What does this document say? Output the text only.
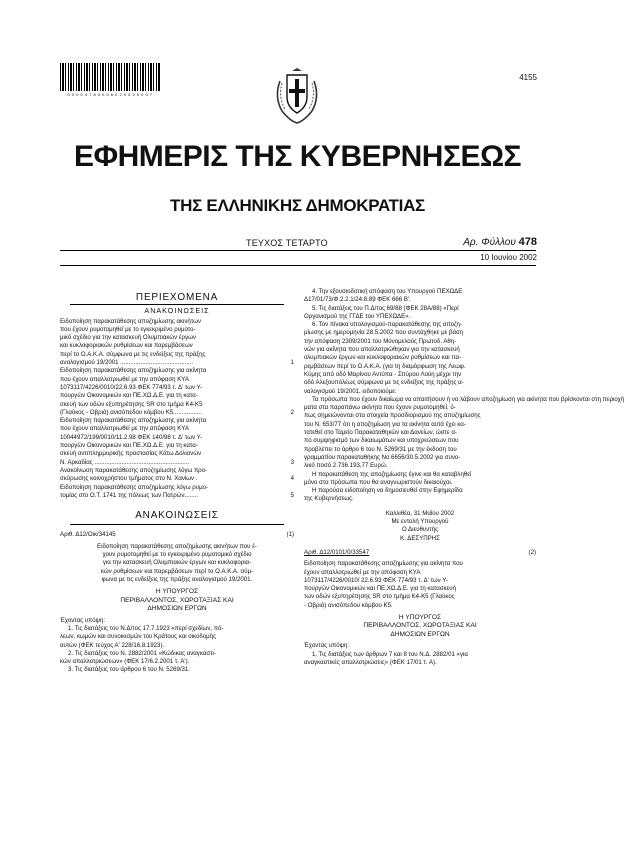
0 0 0 0 4 7 8 0 0 0 6 0 2 0 0 2 0 0 0 7
4155
ΕΦΗΜΕΡΙΣ ΤΗΣ ΚΥΒΕΡΝΗΣΕΩΣ
ΤΗΣ ΕΛΛΗΝΙΚΗΣ ΔΗΜΟΚΡΑΤΙΑΣ
ΤΕΥΧΟΣ ΤΕΤΑΡΤΟ	Αρ. Φύλλου 478
10 Ιουνίου 2002
ΠΕΡΙΕΧΟΜΕΝΑ
ΑΝΑΚΟΙΝΩΣΕΙΣ

Ειδοποίηση παρακατάθεσης αποζημίωσης ακινήτων

που έχουν ρυμοτομηθεί με το εγκεκριμένο ρυμοτο-

μικό σχέδιο για την κατασκευή Ολυμπιακών έργων

και κυκλοφοριακών ρυθμίσεων και παρεμβάσεων

περί το Ο.Α.Κ.Α. σύμφωνα με τις ενδείξεις της πράξης

αναλογισμού 19/2001 ...........................................	1

Ειδοποίηση παρακατάθεσης αποζημίωσης για ακίνητα

που έχουν απαλλοτριωθεί με την απόφαση ΚΥΑ

1073117/4226/0010/22.6.93 ΦΕΚ 774/93 τ. Δ' των Υ-

πουργών Οικονομικών και ΠΕ.ΧΩ.Δ.Ε. για τη κατα-

σκευή των οδών εξυπηρέτησης SR στο τμήμα Κ4-Κ5

(Γλαύκος - Οβριά) ανισόπεδου κόμβου Κ5.................	2

Ειδοποίηση παρακατάθεσης αποζημίωσης για ακίνητα

που έχουν απαλλοτριωθεί με την απόφαση ΚΥΑ

10044972/199/0010/11.2.98 ΦΕΚ 140/98 τ. Δ' των Υ-

πουργών Οικονομικών και ΠΕ.ΧΩ.Δ.Ε. για τη κατα-

σκευή αντιπλημμυρικής προστασίας Κάτω Δολιανών

Ν. Αρκαδίας ........................................................	3

Ανακοίνωση παρακατάθεσης αποζημίωσης λόγω προ-

σκύρωσης κοινοχρήστου τμήματος στο Ν. Χανίων .	4

Ειδοποίηση παρακατάθεσης αποζημίωσης λόγω ρυμο-

τομίας στο Ο.Τ. 1741 της πόλεως των Πατρών........	5
ΑΝΑΚΟΙΝΩΣΕΙΣ
Αριθ. Δ12/Οικ/34145	(1)

Ειδοποίηση παρακατάθεσης αποζημίωσης ακινήτων που έ-

χουν ρυμοτομηθεί με το εγκεκριμένο ρυμοτομικό σχέδιο

για την κατασκευή Ολυμπιακών έργων και κυκλοφορια-

κών ρυθμίσεων και παρεμβάσεων περί το Ο.Α.Κ.Α. σύμ-

φωνα με τις ενδείξεις της πράξης αναλογισμού 19/2001.

Η ΥΠΟΥΡΓΟΣ

ΠΕΡΙΒΑΛΛΟΝΤΟΣ, ΧΩΡΟΤΑΞΙΑΣ ΚΑΙ

ΔΗΜΟΣΙΩΝ ΕΡΓΩΝ

Έχοντας υπόψη:

1. Τις διατάξεις του Ν.Δ/τος 17.7.1923 «περί σχεδίων, πό-

λεων, κωμών και συνοικισμών του Κράτους και οικοδομής

αυτών (ΦΕΚ τεύχος Α' 228/16.8.1923).

2. Τις διατάξεις του Ν. 2882/2001 «Κώδικας αναγκαστι-

κών απαλλοτριώσεων» (ΦΕΚ 17/6.2.2001 τ. Α').

3. Τις διατάξεις του άρθρου 6 του Ν. 5269/31.

4. Την εξουσιοδοτική απόφαση του Υπουργού ΠΕΧΩΔΕ

Δ17/01/73/Φ.2.2.1/24.8.89 ΦΕΚ 666 Β'.

5. Τις διατάξεις του Π.Δ/τος 69/88 (ΦΕΚ 28Α/88) «Περί

Οργανισμού της ΓΓΔΕ του ΥΠΕΧΩΔΕ».

6. Τον πίνακα υπολογισμού-παρακατάθεσης της αποζη-

μίωσης με ημερομηνία 28.5.2002 που συντάχθηκε με βάση

την απόφαση 2309/2001 του Μονομελούς Πρωτοδ. Αθη-

νών για ακίνητα που απαλλοτριώθηκαν για την κατασκευή

ολυμπιακών έργων και κυκλοφοριακών ρυθμίσεων και πα-

ρεμβάσεων περί το Ο.Α.Κ.Α. (για τη διαμόρφωση της Λεωφ.

Κύμης από οδό Μαρίνου Αντύπα - Σπύρου Λούη μέχρι την

οδό Αλεξουπόλεως σύμφωνα με τις ενδείξεις της πράξης α-

ναλογισμού 19/2001, ειδοποιούμε:

Τα πρόσωπα που έχουν δικαίωμα να απαιτήσουν ή να λάβουν αποζημίωση για ακίνητα που βρίσκονται στη περιοχή

ματα στα παραπάνω ακίνητα που έχουν ρυμοτομηθεί, ό-

πως σημειώνονται στα στοιχεία προσδιορισμού της αποζημίωσης

του Ν. 653/77 ότι η αποζημίωση για τα ακίνητα αυτά έχει κα-

τατεθεί στο Ταμείο Παρακαταθηκών και Δανείων, ώστε α-

πό συμψηφισμό των δικαιωμάτων και υποχρεώσεων που

προβλέπει το άρθρο 6 του Ν. 5269/31 με την έκδοση του

γραμματίου παρακαταθήκης Νο 6656/30.5.2002 για συνο-

λικό ποσό 2.736.193,77 Ευρώ.

Η παρακατάθεση της αποζημίωσης έγινε και θα καταβληθεί

μόνο στα πρόσωπα που θα αναγνωριστούν δικαιούχοι.

Η παρούσα ειδοποίηση να δημοσιευθεί στην Εφημερίδα

της Κυβερνήσεως.

Καλλιθέα, 31 Μαΐου 2002

Με εντολή Υπουργού

Ο Διευθυντής

Κ. ΔΕΣΥΠΡΗΣ

Αριθ. Δ12/0101/0/33547	(2)

Ειδοποίηση παρακατάθεσης αποζημίωσης για ακίνητα που

έχουν απαλλοτριωθεί με την απόφαση ΚΥΑ

1073117/4226/0010/ 22.6.93 ΦΕΚ 774/93 τ. Δ' των Υ-

πουργών Οικονομικών και ΠΕ.ΧΩ.Δ.Ε. για τη κατασκευή

των οδών εξυπηρέτησης SR στο τμήμα Κ4-Κ5 (Γλαύκος

- Οβριά) ανισόπεδου κόμβου Κ5.

Η ΥΠΟΥΡΓΟΣ

ΠΕΡΙΒΑΛΛΟΝΤΟΣ, ΧΩΡΟΤΑΞΙΑΣ ΚΑΙ

ΔΗΜΟΣΙΩΝ ΕΡΓΩΝ

Έχοντας υπόψη:

1. Τις διατάξεις των άρθρων 7 και 8 του Ν.Δ. 2882/01 «για

αναγκαστικές απαλλοτριώσεις» (ΦΕΚ 17/01 τ. Α).
